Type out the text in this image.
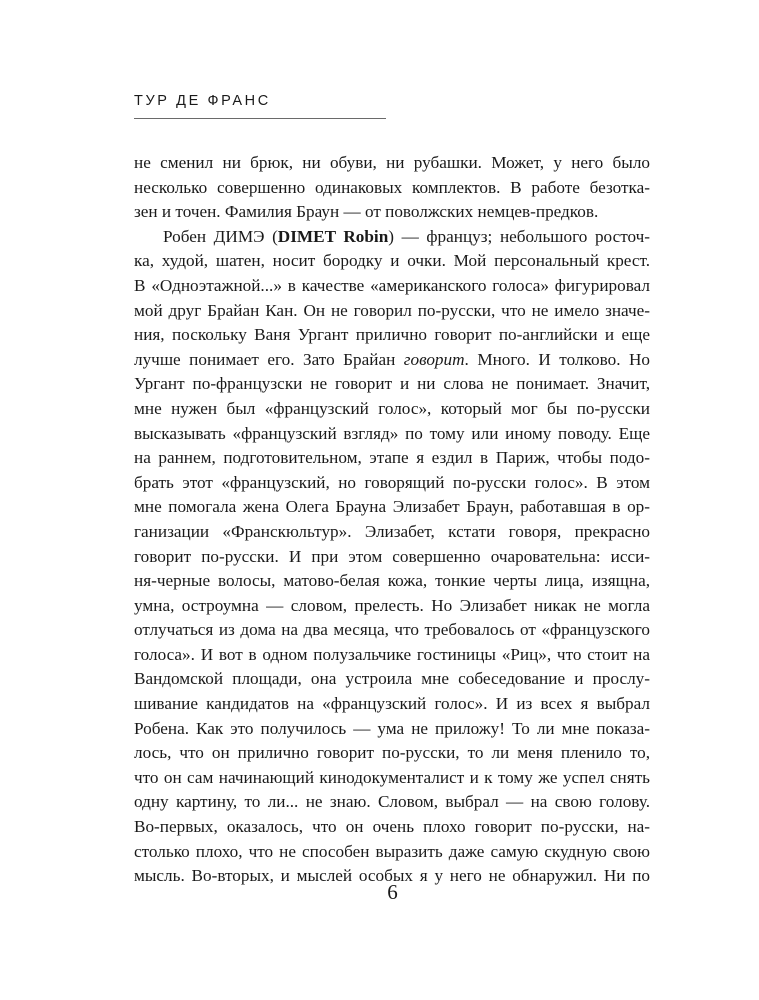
ТУР ДЕ ФРАНС
не сменил ни брюк, ни обуви, ни рубашки. Может, у него было
несколько совершенно одинаковых комплектов. В работе безотка-
зен и точен. Фамилия Браун — от поволжских немцев-предков.
Робен ДИМЭ (DIMET Robin) — француз; небольшого росточ-
ка, худой, шатен, носит бородку и очки. Мой персональный крест.
В «Одноэтажной...» в качестве «американского голоса» фигурировал
мой друг Брайан Кан. Он не говорил по-русски, что не имело значе-
ния, поскольку Ваня Ургант прилично говорит по-английски и еще
лучше понимает его. Зато Брайан говорит. Много. И толково. Но
Ургант по-французски не говорит и ни слова не понимает. Значит,
мне нужен был «французский голос», который мог бы по-русски
высказывать «французский взгляд» по тому или иному поводу. Еще
на раннем, подготовительном, этапе я ездил в Париж, чтобы подо-
брать этот «французский, но говорящий по-русски голос». В этом
мне помогала жена Олега Брауна Элизабет Браун, работавшая в ор-
ганизации «Франскюльтур». Элизабет, кстати говоря, прекрасно
говорит по-русски. И при этом совершенно очаровательна: исси-
ня-черные волосы, матово-белая кожа, тонкие черты лица, изящна,
умна, остроумна — словом, прелесть. Но Элизабет никак не могла
отлучаться из дома на два месяца, что требовалось от «французского
голоса». И вот в одном полузальчике гостиницы «Риц», что стоит на
Вандомской площади, она устроила мне собеседование и прослу-
шивание кандидатов на «французский голос». И из всех я выбрал
Робена. Как это получилось — ума не приложу! То ли мне показа-
лось, что он прилично говорит по-русски, то ли меня пленило то,
что он сам начинающий кинодокументалист и к тому же успел снять
одну картину, то ли... не знаю. Словом, выбрал — на свою голову.
Во-первых, оказалось, что он очень плохо говорит по-русски, на-
столько плохо, что не способен выразить даже самую скудную свою
мысль. Во-вторых, и мыслей особых я у него не обнаружил. Ни по
6
